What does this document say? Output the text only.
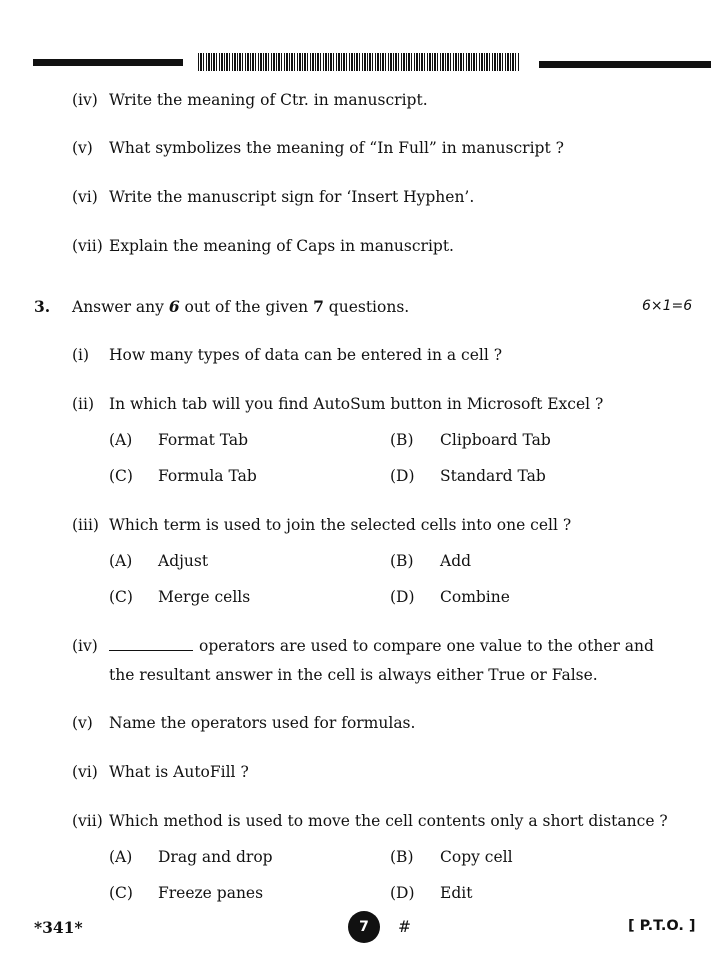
(iv) Write the meaning of Ctr. in manuscript.
(v) What symbolizes the meaning of “In Full” in manuscript ?
(vi) Write the manuscript sign for ‘Insert Hyphen’.
(vii) Explain the meaning of Caps in manuscript.
3. Answer any 6 out of the given 7 questions.	6×1=6
(i) How many types of data can be entered in a cell ?
(ii) In which tab will you find AutoSum button in Microsoft Excel ?
(A) Format Tab	(B) Clipboard Tab
(C) Formula Tab	(D) Standard Tab
(iii) Which term is used to join the selected cells into one cell ?
(A) Adjust	(B) Add
(C) Merge cells	(D) Combine
(iv)	operators are used to compare one value to the other and
the resultant answer in the cell is always either True or False.
(v) Name the operators used for formulas.
(vi) What is AutoFill ?
(vii) Which method is used to move the cell contents only a short distance ?
(A) Drag and drop	(B) Copy cell
(C) Freeze panes	(D) Edit
*341*	7	#	[ P.T.O. ]
